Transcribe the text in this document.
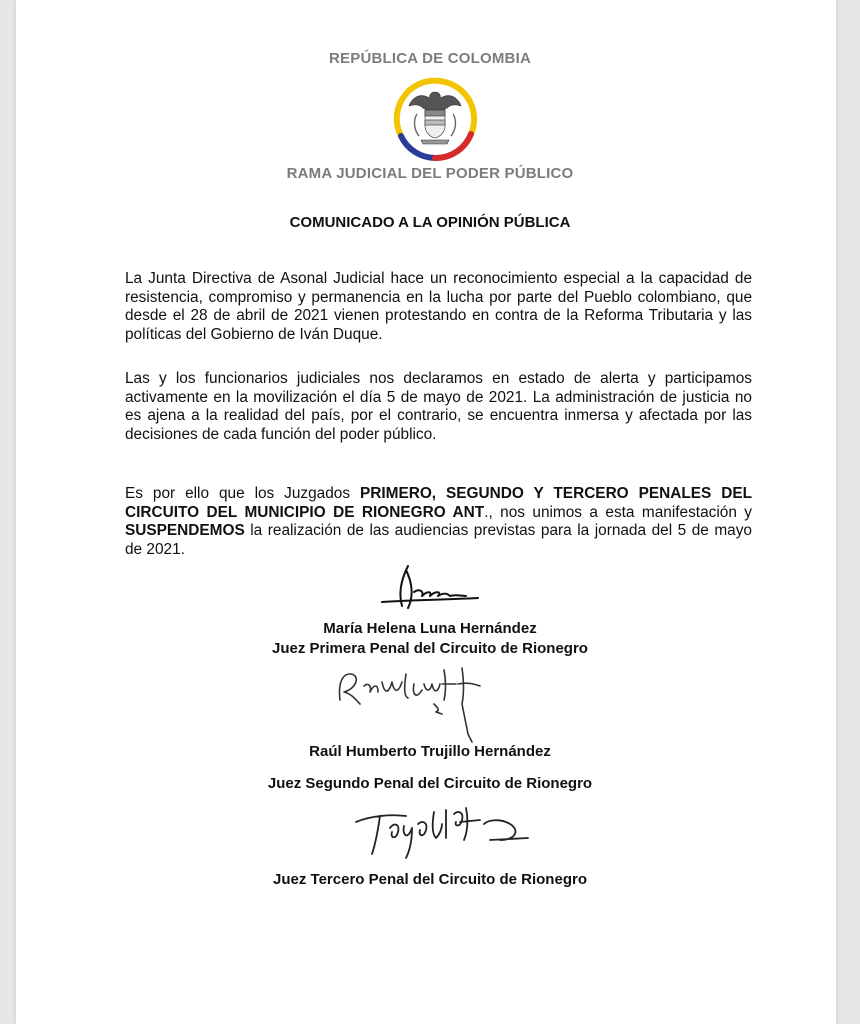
REPÚBLICA DE COLOMBIA
RAMA JUDICIAL DEL PODER PÚBLICO
COMUNICADO A LA OPINIÓN PÚBLICA
La Junta Directiva de Asonal Judicial hace un reconocimiento especial a la capacidad de resistencia, compromiso y permanencia en la lucha por parte del Pueblo colombiano, que desde el 28 de abril de 2021 vienen protestando en contra de la Reforma Tributaria y las políticas del Gobierno de Iván Duque.
Las y los funcionarios judiciales nos declaramos en estado de alerta y participamos activamente en la movilización el día 5 de mayo de 2021. La administración de justicia no es ajena a la realidad del país, por el contrario, se encuentra inmersa y afectada por las decisiones de cada función del poder público.
Es por ello que los Juzgados PRIMERO, SEGUNDO Y TERCERO PENALES DEL CIRCUITO DEL MUNICIPIO DE RIONEGRO ANT., nos unimos a esta manifestación y SUSPENDEMOS la realización de las audiencias previstas para la jornada del 5 de mayo de 2021.
María Helena Luna Hernández
Juez Primera Penal del Circuito de Rionegro
Raúl Humberto Trujillo Hernández
Juez Segundo Penal del Circuito de Rionegro
Juez Tercero Penal del Circuito de Rionegro
